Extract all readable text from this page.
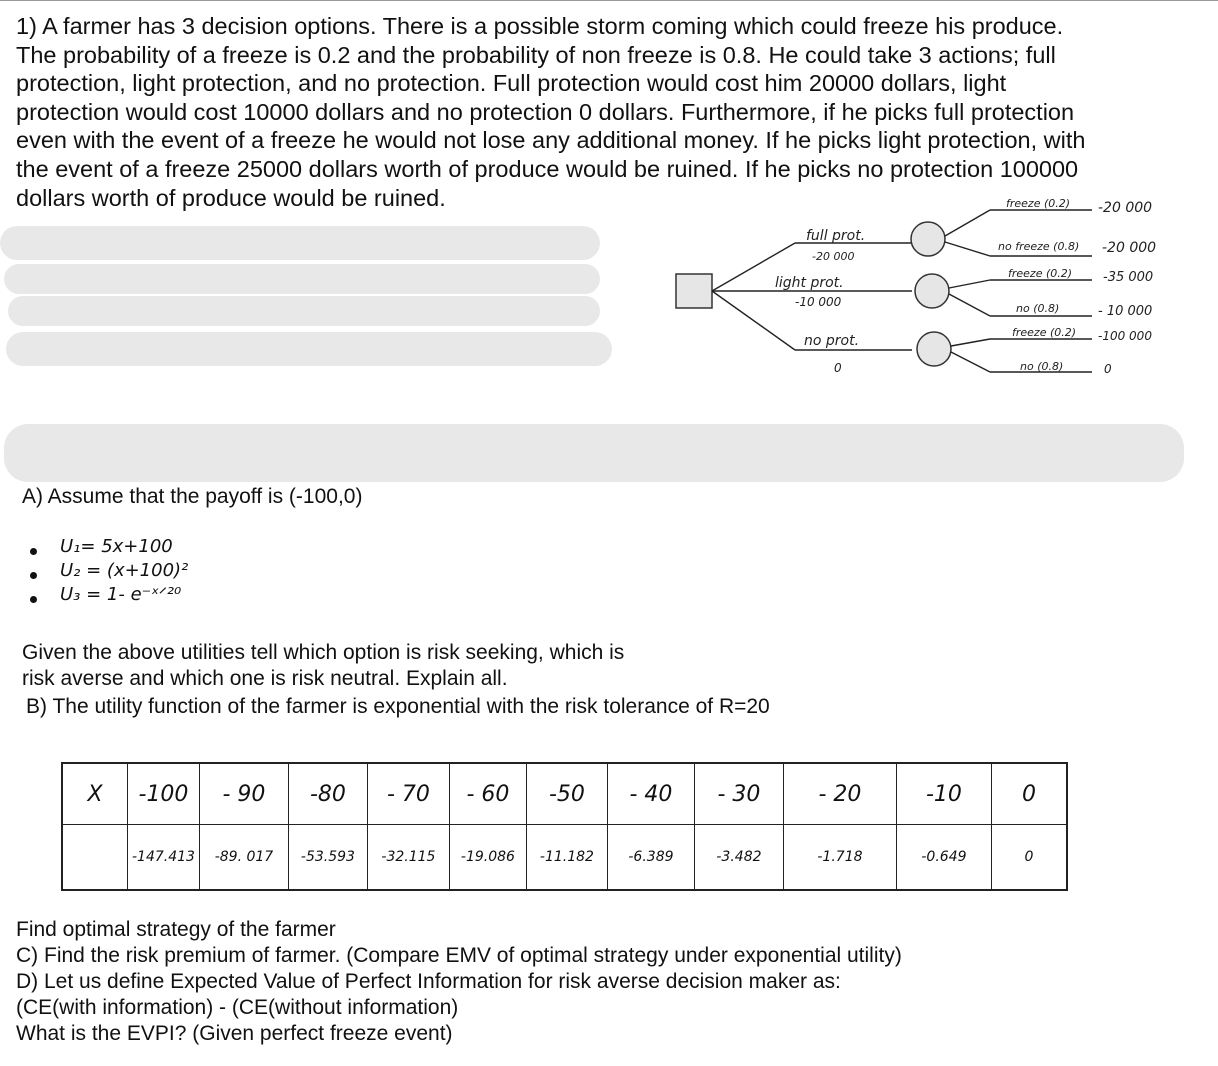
1) A farmer has 3 decision options. There is a possible storm coming which could freeze his produce.
The probability of a freeze is 0.2 and the probability of non freeze is 0.8. He could take 3 actions; full
protection, light protection, and no protection. Full protection would cost him 20000 dollars, light
protection would cost 10000 dollars and no protection 0 dollars. Furthermore, if he picks full protection
even with the event of a freeze he would not lose any additional money. If he picks light protection, with
the event of a freeze 25000 dollars worth of produce would be ruined. If he picks no protection 100000
dollars worth of produce would be ruined.
full prot.
-20 000
light prot.
-10 000
no prot.
0
freeze (0.2) -20 000
no freeze (0.8) -20 000
freeze (0.2) -35 000
no (0.8)	- 10 000
freeze (0.2) -100 000
no (0.8)	0
A) Assume that the payoff is (-100,0)
U₁= 5x+100
U₂ = (x+100)²
U₃ = 1- e⁻ˣᐟ²⁰
Given the above utilities tell which option is risk seeking, which is
risk averse and which one is risk neutral. Explain all.
B) The utility function of the farmer is exponential with the risk tolerance of R=20
X	-100	- 90	-80	- 70	- 60	-50	- 40	- 30	- 20	-10	0
	-147.413	-89. 017	-53.593	-32.115	-19.086	-11.182	-6.389	-3.482	-1.718	-0.649	0
Find optimal strategy of the farmer
C) Find the risk premium of farmer. (Compare EMV of optimal strategy under exponential utility)
D) Let us define Expected Value of Perfect Information for risk averse decision maker as:
(CE(with information) - (CE(without information)
What is the EVPI? (Given perfect freeze event)
